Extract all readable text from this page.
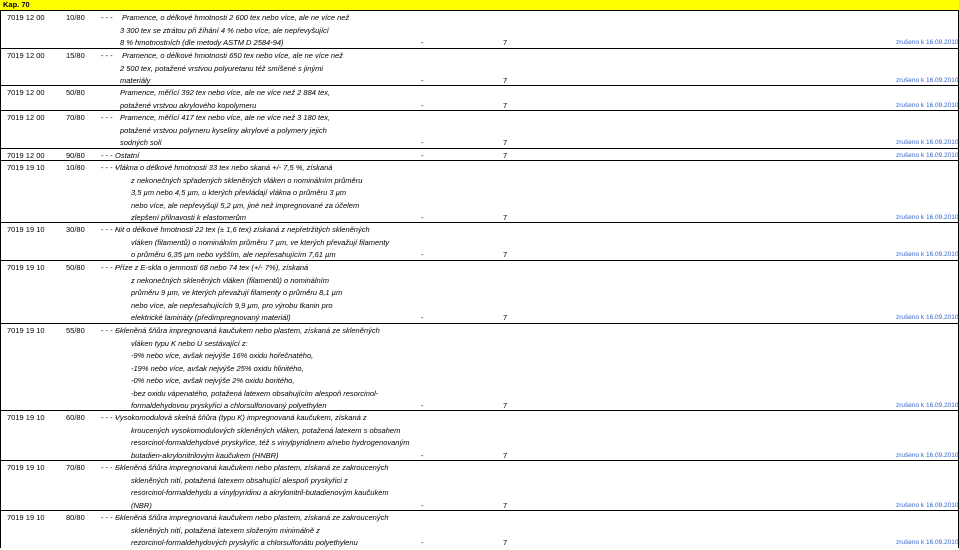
Kap. 70
7019 12 00	10/80 - - - Pramence, o délkové hmotnosti 2 600 tex nebo více, ale ne více než
3 300 tex se ztrátou při žíhání 4 % nebo více, ale nepřevyšující
8 % hmotnostních (dle metody ASTM D 2584-94)	-	7	zrušeno k 16.09.2010
7019 12 00	15/80 - - - Pramence, o délkové hmotnosti 650 tex nebo více, ale ne více než
2 500 tex, potažené vrstvou polyuretanu též smíšené s jinými
materiály	-	7	zrušeno k 16.09.2010
7019 12 00	50/80	Pramence, měřící 392 tex nebo více, ale ne více než 2 884 tex,
potažené vrstvou akrylového kopolymeru	-	7	zrušeno k 16.09.2010
7019 12 00	70/80 - - - Pramence, měřící 417 tex nebo více, ale ne více než 3 180 tex,
potažené vrstvou polymeru kyseliny akrylové a polymery jejich
sodných solí	-	7	zrušeno k 16.09.2010
7019 12 00	90/80 - - - Ostatní	-	7	zrušeno k 16.09.2010
7019 19 10	10/80 - - - -
Vlákna o délkové hmotnosti 33 tex nebo skaná +/- 7,5 %, získaná
z nekonečných spřadených skleněných vláken o nominálním průměru
3,5 µm nebo 4,5 µm, u kterých převládají vlákna o průměru 3 µm
nebo více, ale nepřevyšují 5,2 µm, jiné než impregnované za účelem
zlepšení přilnavosti k elastomerům	-	7	zrušeno k 16.09.2010
7019 19 10	30/80 - - - -
Nit o délkové hmotnosti 22 tex (± 1,6 tex) získaná z nepřetržitých skleněných
vláken (filamentů) o nominálním průměru 7 µm, ve kterých převažují filamenty
o průměru 6,35 µm nebo vyšším, ale nepřesahujícím 7,61 µm	-	7	zrušeno k 16.09.2010
7019 19 10	50/80 - - - -
Příze z E-skla o jemnosti 68 nebo 74 tex (+/- 7%), získaná
z nekonečných skleněných vláken (filamentů) o nominálním
průměru 9 µm, ve kterých převažují filamenty o průměru 8,1 µm
nebo více, ale nepřesahujících 9,9 µm, pro výrobu tkanin pro
elektrické lamináty (předimpregnovaný materiál)	-	7	zrušeno k 16.09.2010
7019 19 10	55/80 - - - -
Skleněná šňůra impregnovaná kaučukem nebo plastem, získaná ze skleněných
vláken typu K nebo U sestávající z:
-9% nebo více, avšak nejvýše 16% oxidu hořečnatého,
-19% nebo více, avšak nejvýše 25% oxidu hlinitého,
-0% nebo více, avšak nejvýše 2% oxidu boritého,
-bez oxidu vápenatého, potažená latexem obsahujícím alespoň resorcinol-
formaldehydovou pryskyřici a chlorsulfonovaný polyethylen	-	7	zrušeno k 16.09.2010
7019 19 10	60/80 - - - -
Vysokomodulová skelná šňůra (typu K) impregnovaná kaučukem, získaná z
kroucených vysokomodulových skleněných vláken, potažená latexem s obsahem
resorcinol-formaldehydové pryskyřice, též s vinylpyridinem a/nebo hydrogenovaným
butadien-akrylonitrilovým kaučukem (HNBR)	-	7	zrušeno k 16.09.2010
7019 19 10	70/80 - - - -
Skleněná šňůra impregnovaná kaučukem nebo plastem, získaná ze zakroucených
skleněných nití, potažená latexem obsahující alespoň pryskyřici z
resorcinol-formaldehydu a vinylpyridinu a akrylonitril-butadienovým kaučukem
(NBR)	-	7	zrušeno k 16.09.2010
7019 19 10	80/80 - - - -
Skleněná šňůra impregnovaná kaučukem nebo plastem, získaná ze zakroucených
skleněných nití, potažená latexem složeným minimálně z
rezorcinol-formaldehydových pryskyřic a chlorsulfonátu polyethylenu	-	7	zrušeno k 16.09.2010
